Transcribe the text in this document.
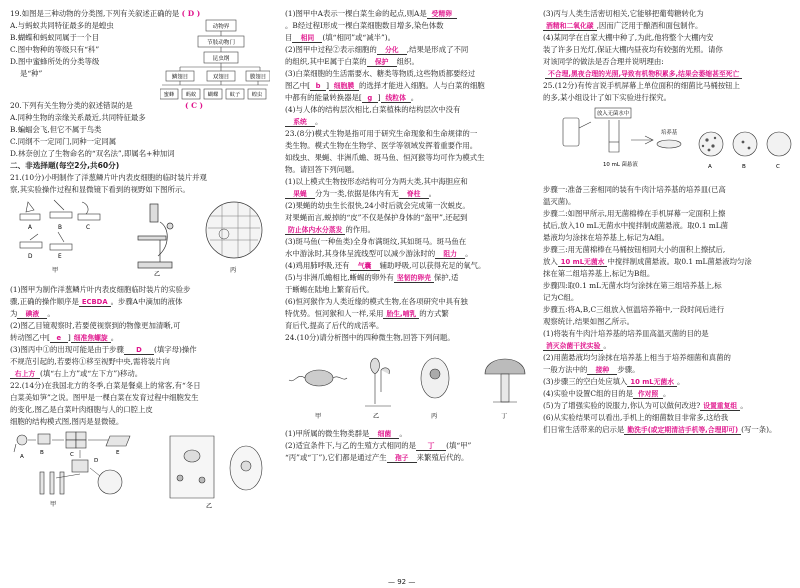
19.如图是三种动物的分类图,下列有关叙述正确的是 ( D )
A.与蚂蚁共同特征最多的是蝗虫
B.蝴蝶和蚂蚁同属于一个目
C.图中物种的等级只有“科”
D.图中蜜蜂所处的分类等级
是“种”
动物界
节肢动物门
昆虫纲
鳞翅目	双翅目	膜翅目
蜜蜂 蚂蚁 蝴蝶 蚊子 蝗虫
20.下列有关生物分类的叙述错误的是	( C )
A.同种生物的亲缘关系最近,共同特征最多
B.蝙蝠会飞,但它不属于鸟类
C.同纲不一定同门,同种一定同属
D.林奈创立了生物命名的“双名法”,即属名+种加词
二、非选择题(每空2分,共60分)
21.(10分)小明制作了洋葱鳞片叶内表皮细胞的临时装片并观
察,其实验操作过程和显微镜下看到的视野如下图所示。
A	B	C
D	E
甲
乙
丙
(1)图甲为制作洋葱鳞片叶内表皮细胞临时装片的实验步
骤,正确的操作顺序是 ECBDA 。步骤A中滴加的液体
为 碘液 。
(2)图乙目镜观察时,若要使视察到的物像更加清晰,可
转动图乙中[ e ] 细准焦螺旋 。
(3)图丙中①的出现可能是由于步骤 D (填字母)操作
不规范引起的,若要将①移至视野中央,需将装片向
右上方 (填“右上方”或“左下方”)移动。
22.(14分)在我国北方的冬季,白菜是餐桌上的常客,有“冬日
白菜美如笋”之说。图甲是一棵白菜在发育过程中细胞发生
的变化,图乙是白菜叶肉细胞与人的口腔上皮
细胞的结构模式图,图丙是显微镜。
A
B	C	E
D
甲	乙
(1)图甲中A表示一棵白菜生命的起点,则A是 受精卵
。B经过程Ⅰ形成一棵白菜细胞数目增多,染色体数
目 相同 (填“相同”或“减半”)。
(2)图甲中过程②表示细胞的 分化 ,结果是形成了不同
的组织,其中E属于白菜的 保护 组织。
(3)白菜细胞的生活需要水、糖类等物质,这些物质都要经过
图乙中[ b ] 细胞膜 的选择才能进入细胞。人与白菜的细胞
中都有的能量转换器是[ g ] 线粒体 。
(4)与人体的结构层次相比,白菜植株的结构层次中没有
系统 。
23.(8分)模式生物是指可用于研究生命现象和生命规律的一
类生物。模式生物在生物学、医学等领域发挥着重要作用。
如线虫、果蝇、非洲爪蟾、斑马鱼、恒河猴等均可作为模式生
物。请回答下列问题。
(1)以上模式生物按形态结构可分为两大类,其中海胆应和
果蝇 分为一类,依据是体内有无 脊柱 。
(2)果蝇的幼虫生长很快,24小时后就会完成第一次蜕皮。
对果蝇而言,蜕掉的“皮”不仅是保护身体的“盔甲”,还起到
防止体内水分蒸发 的作用。
(3)斑马鱼(一种鱼类)全身布满斑纹,其如斑马。斑马鱼在
水中游泳时,其身体呈流线型可以减少游泳时的 阻力 。
(4)鸡用肺呼吸,还有 气囊 辅助呼吸,可以获得充足的氧气。
(5)与非洲爪蟾相比,蜥蜴的卵外有 坚韧的卵壳 保护,适
于蜥蜴在陆地上繁育后代。
(6)恒河猴作为人类近缘的模式生物,在各项研究中具有独
特优势。恒河猴和人一样,采用 胎生,哺乳 的方式繁
育后代,提高了后代的成活率。
24.(10分)请分析图中的四种微生物,回答下列问题。
甲	乙	丙	丁
(1)甲所属的微生物类群是 细菌 。
(2)适宜条件下,与乙的生殖方式相同的是 丁 (填“甲”
“丙”或“丁”),它们都是通过产生 孢子 来繁殖后代的。
(3)丙与人类生活密切相关,它能够把葡萄糖转化为
酒精和二氧化碳 ,因而广泛用于酿酒和面包制作。
(4)某同学在自家大棚中种了,为此,他将整个大棚内安
装了许多日光灯,保证大棚内昼夜均有较强的光照。请你
对该同学的做法是否合理并说明理由:
不合理,黑夜合理的光照,导致有机物积累多,结果会萎缩甚至死亡
25.(12分)有传言说手机屏幕上单位面积的细菌比马桶按钮上
的多,某小组设计了如下实验进行探究。
放入无菌水中
10 mL 菌悬液
培养基
A	B	C
步骤一:准备三套相同的装有牛肉汁培养基的培养皿(已高
温灭菌)。
步骤二:如图甲所示,用无菌棉棒在手机屏幕一定面积上擦
拭后,放入10 mL无菌水中搅拌制成菌悬液。取0.1 mL菌
悬液均匀涂抹在培养基上,标记为A组。
步骤三:用无菌棉棒在马桶按钮相同大小的面积上擦拭后,
放入 10 mL无菌水 中搅拌制成菌悬液。取0.1 mL菌悬液均匀涂
抹在第二组培养基上,标记为B组。
步骤四:取0.1 mL无菌水均匀涂抹在第三组培养基上,标
记为C组。
步骤五:将A,B,C三组放入恒温培养箱中,一段时间后进行
观察统计,结果如图乙所示。
(1)将装有牛肉汁培养基的培养皿高温灭菌的目的是
消灭杂菌干扰实验 。
(2)用菌悬液均匀涂抹在培养基上相当于培养细菌和真菌的
一般方法中的 接种 步骤。
(3)步骤三的空白处应填入 10 mL无菌水 。
(4)实验中设置C组的目的是 作对照 。
(5)为了增强实验的说服力,你认为可以做何改进? 设置重复组 。
(6)从实验结果可以看出,手机上的细菌数目非常多,这给我
们日常生活带来的启示是 勤洗手(或定期清洁手机等,合理即可) (写一条)。
— 92 —
